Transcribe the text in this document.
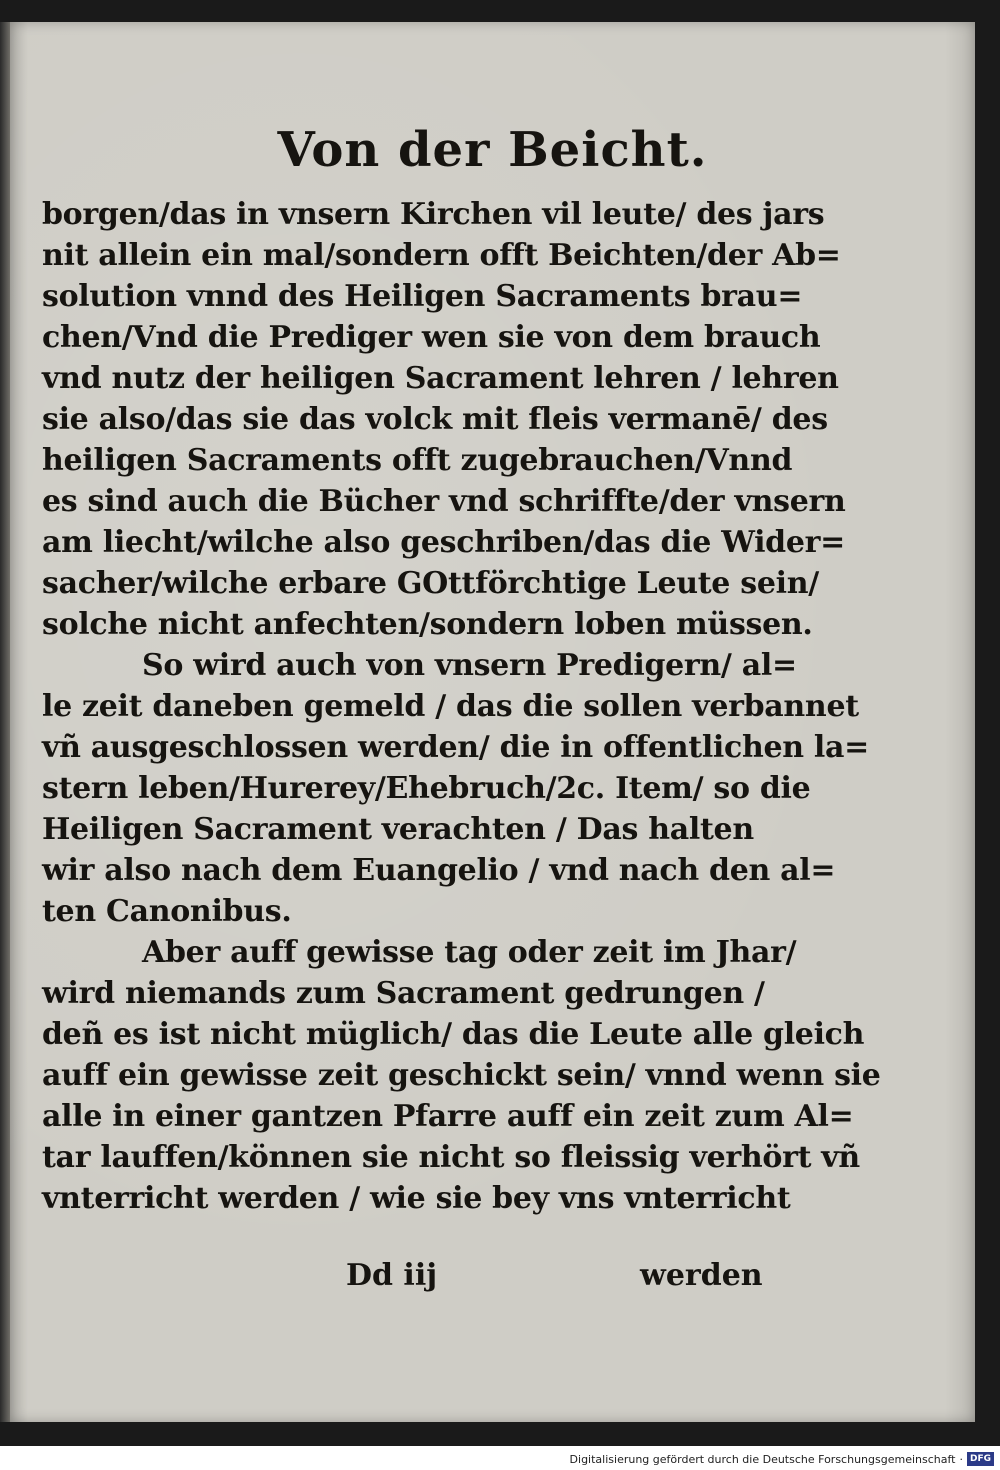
Von der Beicht.
borgen/das in vnsern Kirchen vil leute/ des jars
nit allein ein mal/sondern offt Beichten/der Ab=
solution vnnd des Heiligen Sacraments brau=
chen/Vnd die Prediger wen sie von dem brauch
vnd nutz der heiligen Sacrament lehren / lehren
sie also/das sie das volck mit fleis vermanē/ des
heiligen Sacraments offt zugebrauchen/Vnnd
es sind auch die Bücher vnd schriffte/der vnsern
am liecht/wilche also geschriben/das die Wider=
sacher/wilche erbare GOttförchtige Leute sein/
solche nicht anfechten/sondern loben müssen.
So wird auch von vnsern Predigern/ al=
le zeit daneben gemeld / das die sollen verbannet
vñ ausgeschlossen werden/ die in offentlichen la=
stern leben/Hurerey/Ehebruch/2c. Item/ so die
Heiligen Sacrament verachten / Das halten
wir also nach dem Euangelio / vnd nach den al=
ten Canonibus.
Aber auff gewisse tag oder zeit im Jhar/
wird niemands zum Sacrament gedrungen /
deñ es ist nicht müglich/ das die Leute alle gleich
auff ein gewisse zeit geschickt sein/ vnnd wenn sie
alle in einer gantzen Pfarre auff ein zeit zum Al=
tar lauffen/können sie nicht so fleissig verhört vñ
vnterricht werden / wie sie bey vns vnterricht
Dd iij	werden
Digitalisierung gefördert durch die Deutsche Forschungsgemeinschaft · DFG
